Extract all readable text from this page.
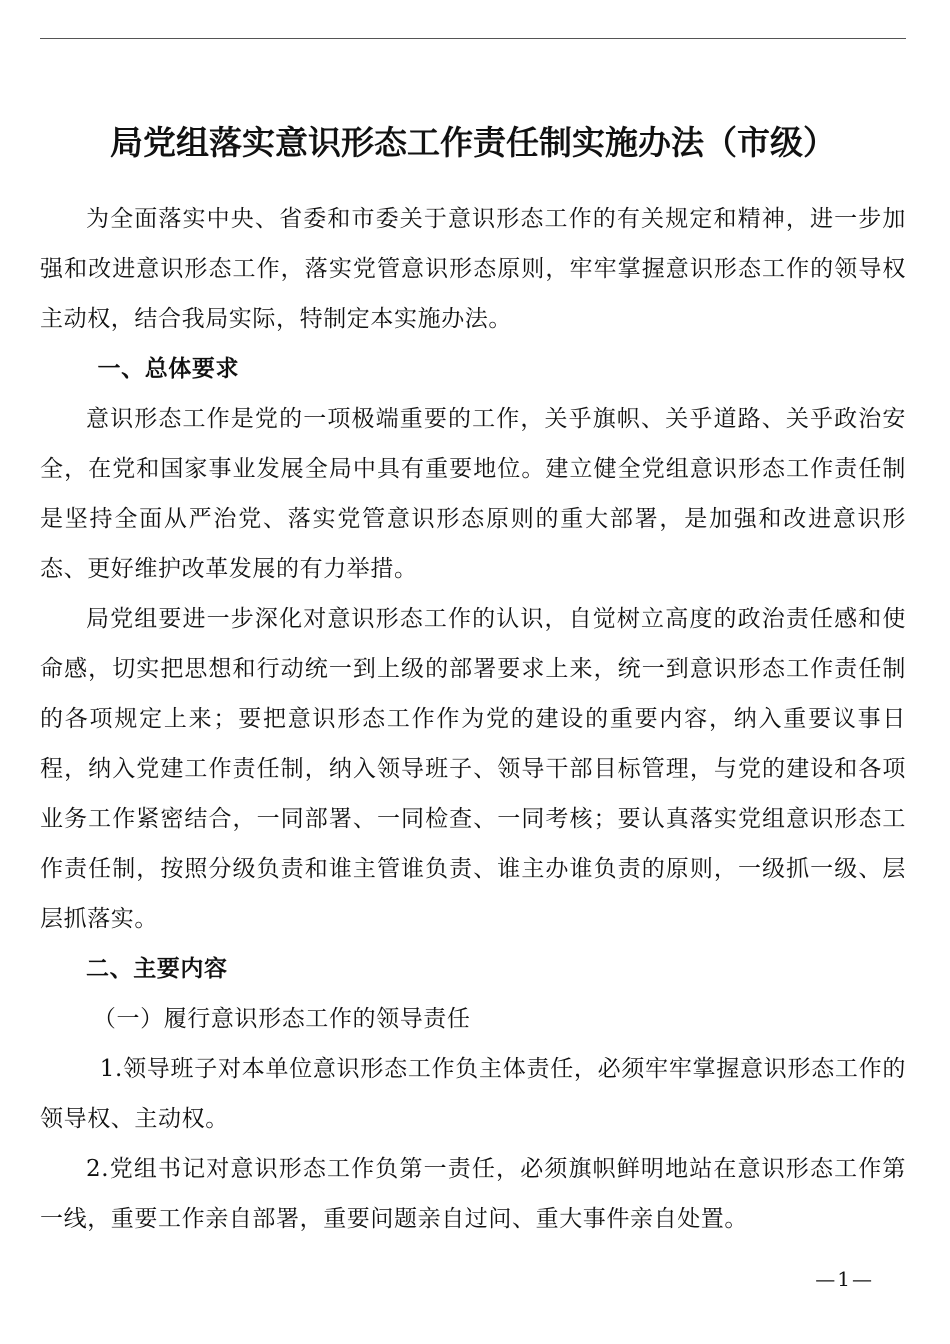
局党组落实意识形态工作责任制实施办法（市级）

为全面落实中央、省委和市委关于意识形态工作的有关规定和精神，进一步加强和改进意识形态工作，落实党管意识形态原则，牢牢掌握意识形态工作的领导权主动权，结合我局实际，特制定本实施办法。

一、总体要求

意识形态工作是党的一项极端重要的工作，关乎旗帜、关乎道路、关乎政治安全，在党和国家事业发展全局中具有重要地位。建立健全党组意识形态工作责任制是坚持全面从严治党、落实党管意识形态原则的重大部署，是加强和改进意识形态、更好维护改革发展的有力举措。

局党组要进一步深化对意识形态工作的认识，自觉树立高度的政治责任感和使命感，切实把思想和行动统一到上级的部署要求上来，统一到意识形态工作责任制的各项规定上来；要把意识形态工作作为党的建设的重要内容，纳入重要议事日程，纳入党建工作责任制，纳入领导班子、领导干部目标管理，与党的建设和各项业务工作紧密结合，一同部署、一同检查、一同考核；要认真落实党组意识形态工作责任制，按照分级负责和谁主管谁负责、谁主办谁负责的原则，一级抓一级、层层抓落实。

二、主要内容

（一）履行意识形态工作的领导责任

1.领导班子对本单位意识形态工作负主体责任，必须牢牢掌握意识形态工作的领导权、主动权。

2.党组书记对意识形态工作负第一责任，必须旗帜鲜明地站在意识形态工作第一线，重要工作亲自部署，重要问题亲自过问、重大事件亲自处置。

—1—
